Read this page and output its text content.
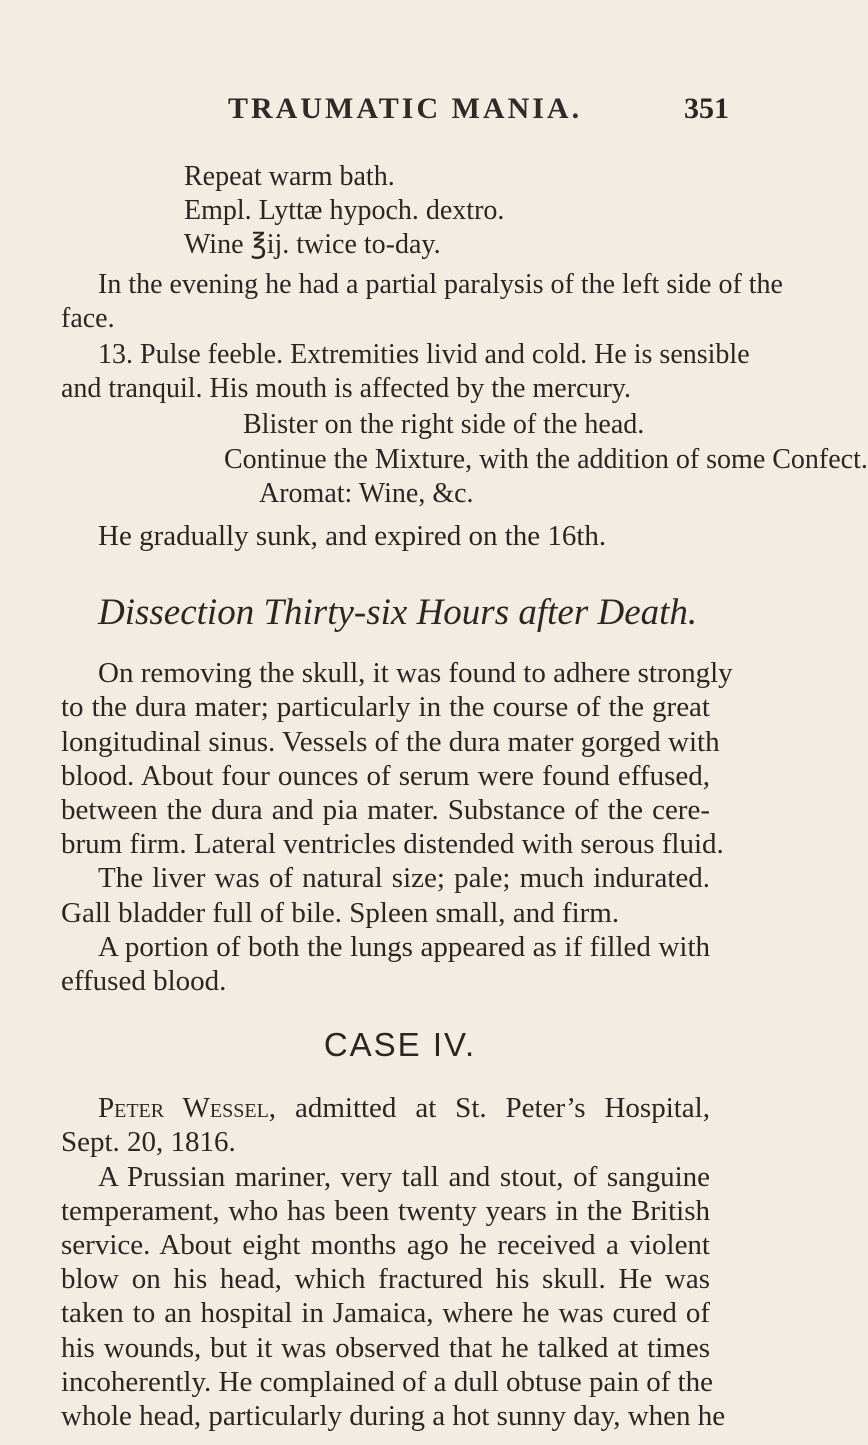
TRAUMATIC MANIA.	351
Repeat warm bath.
Empl. Lyttæ hypoch. dextro.
Wine ℥ij. twice to-day.
In the evening he had a partial paralysis of the left side of the
face.
13. Pulse feeble. Extremities livid and cold. He is sensible
and tranquil. His mouth is affected by the mercury.
Blister on the right side of the head.
Continue the Mixture, with the addition of some Confect.
Aromat: Wine, &c.
He gradually sunk, and expired on the 16th.
Dissection Thirty-six Hours after Death.
On removing the skull, it was found to adhere strongly
to the dura mater; particularly in the course of the great
longitudinal sinus. Vessels of the dura mater gorged with
blood. About four ounces of serum were found effused,
between the dura and pia mater. Substance of the cere-
brum firm. Lateral ventricles distended with serous fluid.
The liver was of natural size; pale; much indurated.
Gall bladder full of bile. Spleen small, and firm.
A portion of both the lungs appeared as if filled with
effused blood.
CASE IV.
Peter Wessel, admitted at St. Peter’s Hospital,
Sept. 20, 1816.
A Prussian mariner, very tall and stout, of sanguine
temperament, who has been twenty years in the British
service. About eight months ago he received a violent
blow on his head, which fractured his skull. He was
taken to an hospital in Jamaica, where he was cured of
his wounds, but it was observed that he talked at times
incoherently. He complained of a dull obtuse pain of the
whole head, particularly during a hot sunny day, when he
